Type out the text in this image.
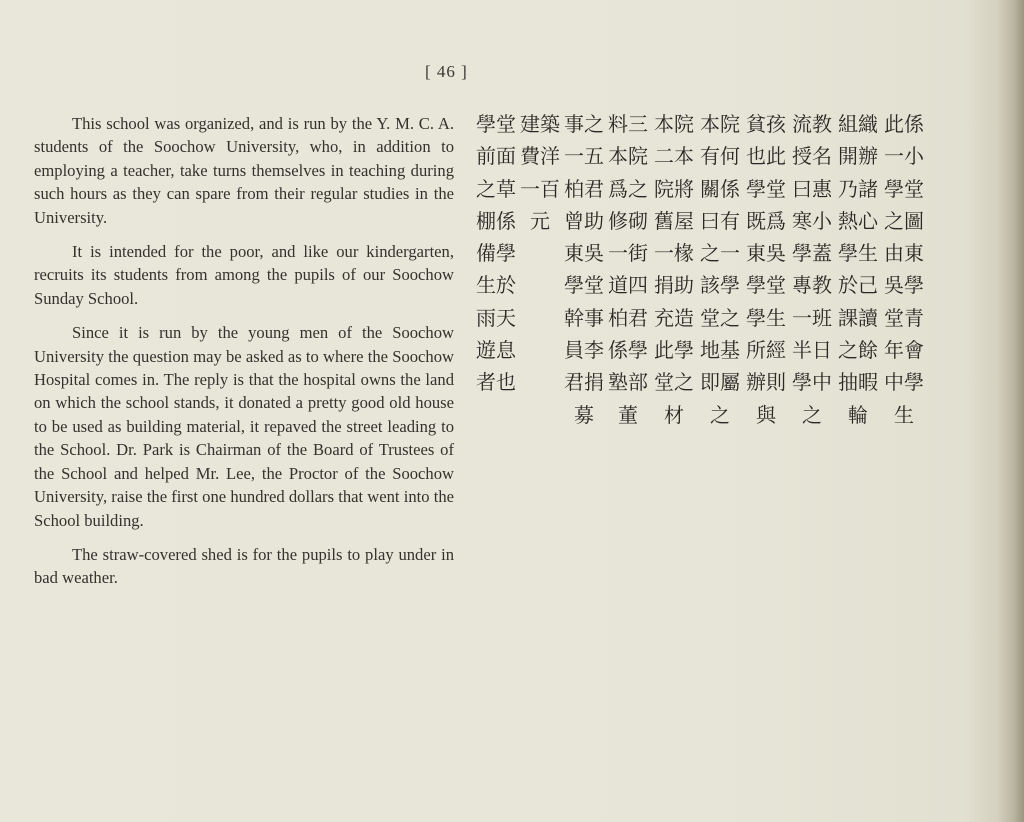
[ 46 ]

This school was organized, and is run by the Y. M. C. A. students of the Soochow University, who, in addition to employing a teacher, take turns themselves in teaching during such hours as they can spare from their regular studies in the University.

It is intended for the poor, and like our kindergarten, recruits its students from among the pupils of our Soochow Sunday School.

Since it is run by the young men of the Soochow University the question may be asked as to where the Soochow Hospital comes in. The reply is that the hospital owns the land on which the school stands, it donated a pretty good old house to be used as building material, it repaved the street leading to the School. Dr. Park is Chairman of the Board of Trustees of the School and helped Mr. Lee, the Proctor of the Soochow University, raise the first one hundred dollars that went into the School building.

The straw-covered shed is for the pupils to play under in bad weather.

此係一小學堂之圖由東吳學堂青年會中學生
組織開辦乃諸熱心學生於己課讀之餘抽暇輪
流教授名曰惠寒小學蓋專教一班半日學中之
貧孩也此學堂既爲東吳學堂學生所經辦則與
本院有何關係曰有之一該學堂之地基即屬之
本院二本院將舊屋一椽捐助充造此學堂之材
料三本院爲之修砌一街道四柏君係學塾部董
事之一五柏君曾助東吳學堂幹事員李君捐募
建築費洋一百元
學堂前面之草棚係備學生於雨天遊息者也
